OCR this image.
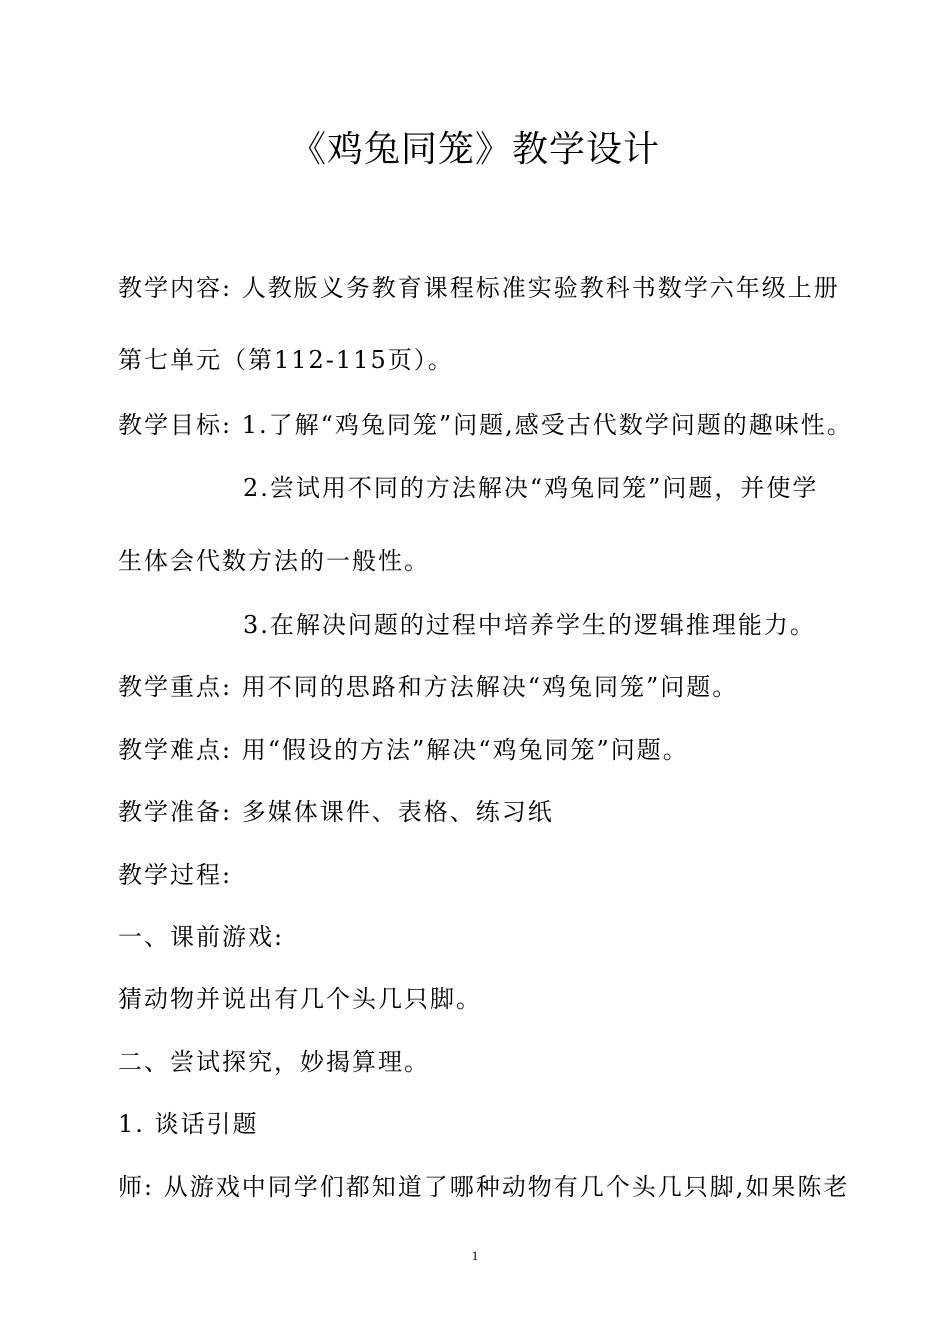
《鸡兔同笼》教学设计
教学内容: 人教版义务教育课程标准实验教科书数学六年级上册
第七单元（第112-115页）。
教学目标: 1.了解“鸡兔同笼”问题,感受古代数学问题的趣味性。
2.尝试用不同的方法解决“鸡兔同笼”问题，并使学
生体会代数方法的一般性。
3.在解决问题的过程中培养学生的逻辑推理能力。
教学重点: 用不同的思路和方法解决“鸡兔同笼”问题。
教学难点: 用“假设的方法”解决“鸡兔同笼”问题。
教学准备: 多媒体课件、表格、练习纸
教学过程:
一、课前游戏:
猜动物并说出有几个头几只脚。
二、尝试探究，妙揭算理。
1. 谈话引题
师: 从游戏中同学们都知道了哪种动物有几个头几只脚,如果陈老
1
